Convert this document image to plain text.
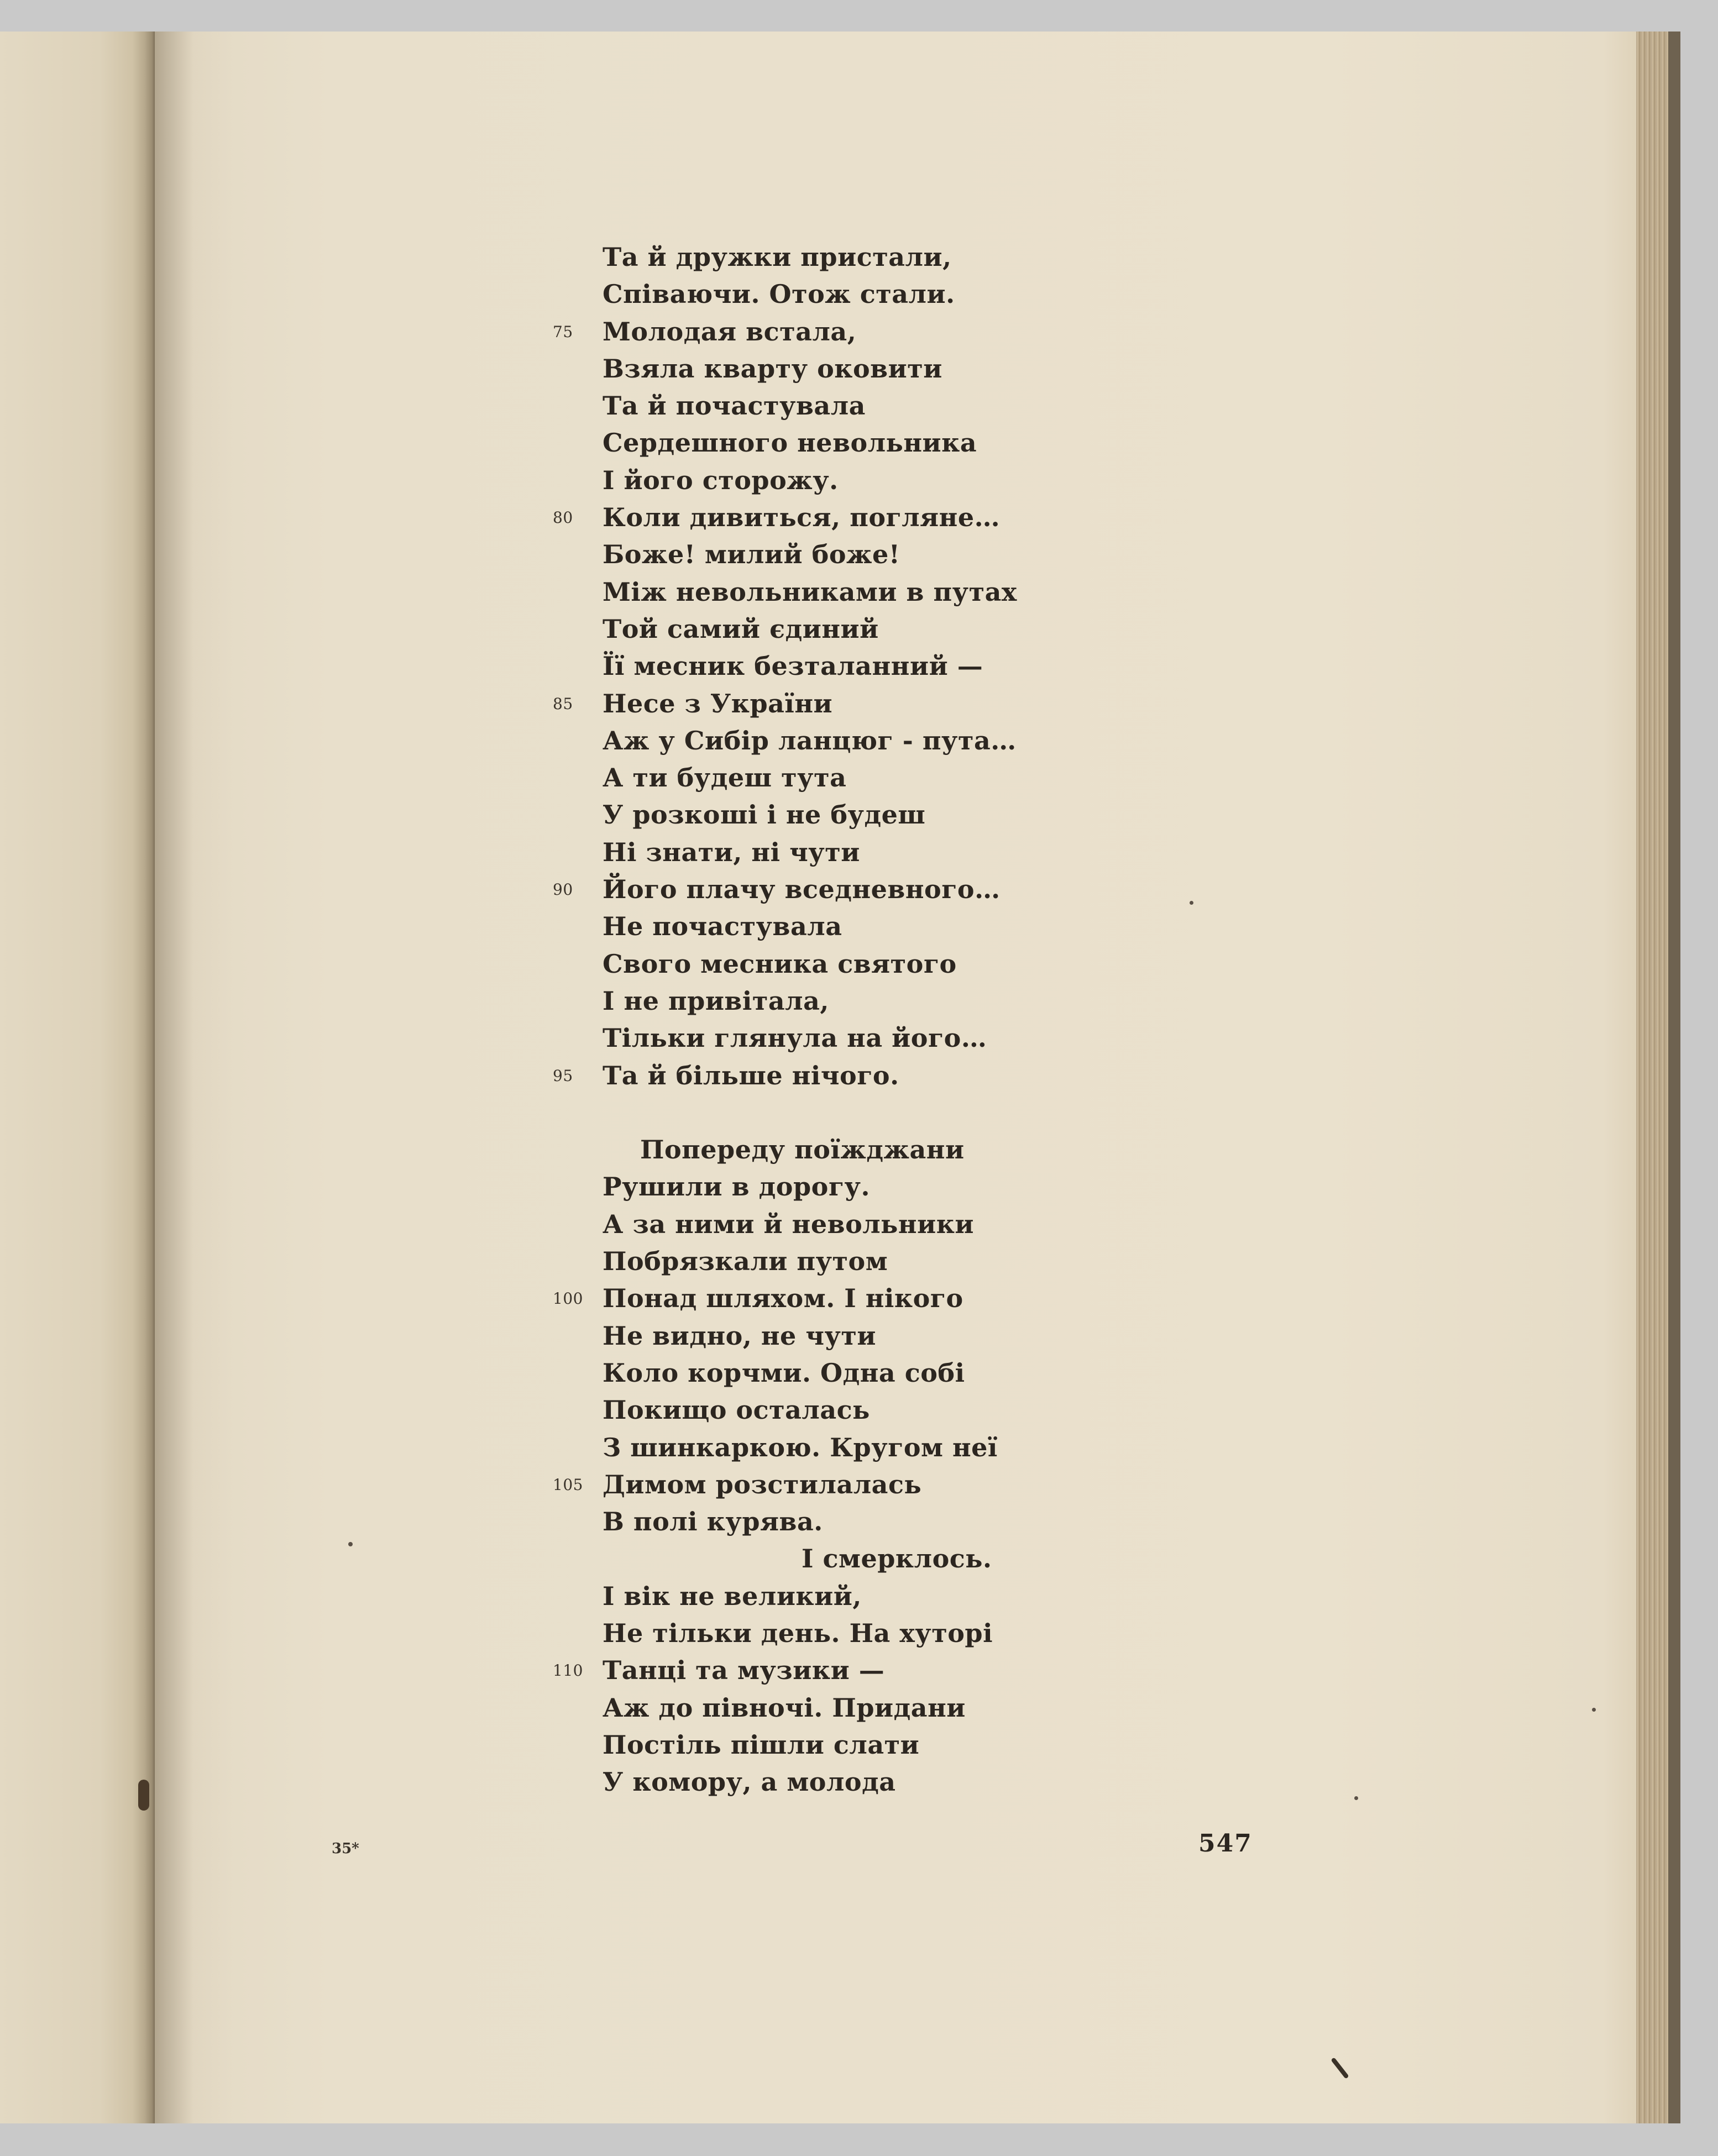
Та й дружки пристали,
Співаючи. Отож стали.
75	Молодая встала,
Взяла кварту оковити
Та й почастувала
Сердешного невольника
І його сторожу.
80	Коли дивиться, погляне…
Боже! милий боже!
Між невольниками в путах
Той самий єдиний
Її месник безталанний —
85	Несе з України
Аж у Сибір ланцюг - пута…
А ти будеш тута
У розкоші і не будеш
Ні знати, ні чути
90	Його плачу вседневного…
Не почастувала
Свого месника святого
І не привітала,
Тільки глянула на його…
95	Та й більше нічого.
Попереду поїжджани
Рушили в дорогу.
А за ними й невольники
Побрязкали путом
100 Понад шляхом. І нікого
Не видно, не чути
Коло корчми. Одна собі
Покищо осталась
З шинкаркою. Кругом неї
105 Димом розстилалась
В полі курява.
І смерклось.
І вік не великий,
Не тільки день. На хуторі
110 Танці та музики —
Аж до півночі. Придани
Постіль пішли слати
У комору, а молода
35*	547
